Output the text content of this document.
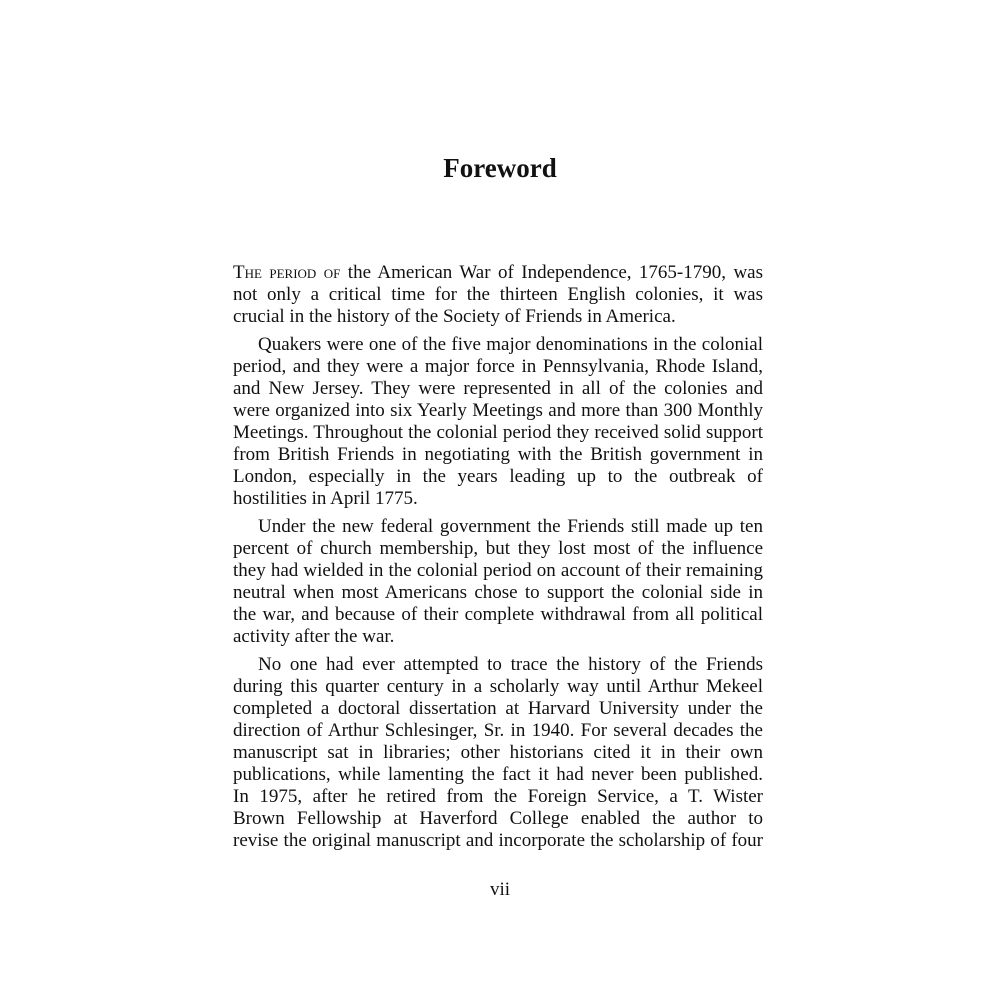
Foreword
The period of the American War of Independence, 1765-1790, was
not only a critical time for the thirteen English colonies, it was
crucial in the history of the Society of Friends in America.
Quakers were one of the five major denominations in the colonial
period, and they were a major force in Pennsylvania, Rhode Island,
and New Jersey. They were represented in all of the colonies and
were organized into six Yearly Meetings and more than 300 Monthly
Meetings. Throughout the colonial period they received solid support
from British Friends in negotiating with the British government in
London, especially in the years leading up to the outbreak of
hostilities in April 1775.
Under the new federal government the Friends still made up ten
percent of church membership, but they lost most of the influence
they had wielded in the colonial period on account of their remaining
neutral when most Americans chose to support the colonial side in
the war, and because of their complete withdrawal from all political
activity after the war.
No one had ever attempted to trace the history of the Friends
during this quarter century in a scholarly way until Arthur Mekeel
completed a doctoral dissertation at Harvard University under the
direction of Arthur Schlesinger, Sr. in 1940. For several decades the
manuscript sat in libraries; other historians cited it in their own
publications, while lamenting the fact it had never been published.
In 1975, after he retired from the Foreign Service, a T. Wister
Brown Fellowship at Haverford College enabled the author to
revise the original manuscript and incorporate the scholarship of four
vii
